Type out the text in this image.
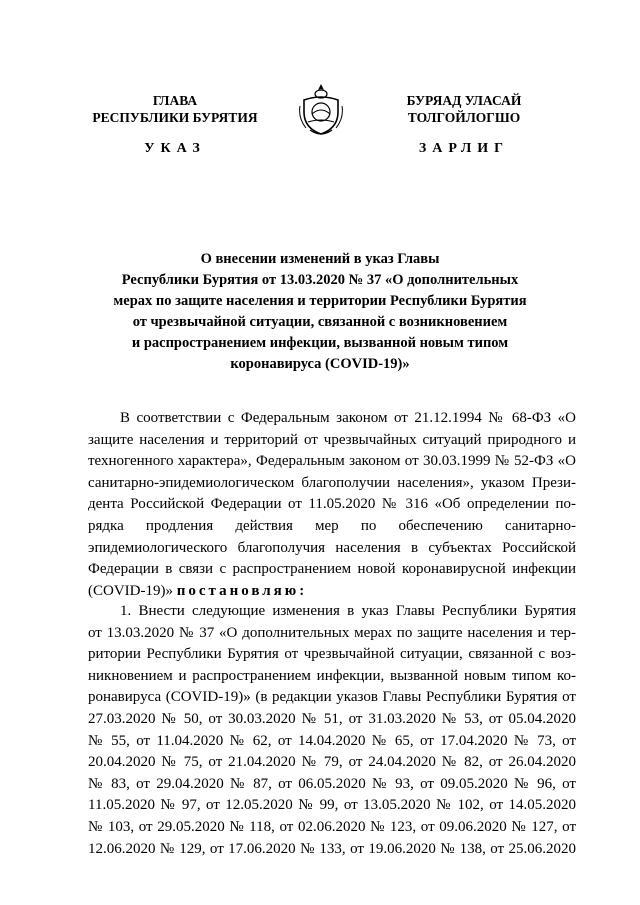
ГЛАВА
РЕСПУБЛИКИ БУРЯТИЯ
БУРЯАД УЛАСАЙ
ТОЛГОЙЛОГШО
УКАЗ	ЗАРЛИГ
О внесении изменений в указ Главы
Республики Бурятия от 13.03.2020 № 37 «О дополнительных
мерах по защите населения и территории Республики Бурятия
от чрезвычайной ситуации, связанной с возникновением
и распространением инфекции, вызванной новым типом
коронавируса (COVID-19)»
В соответствии с Федеральным законом от 21.12.1994 № 68-ФЗ «О
защите населения и территорий от чрезвычайных ситуаций природного и
техногенного характера», Федеральным законом от 30.03.1999 № 52-ФЗ «О
санитарно-эпидемиологическом благополучии населения», указом Прези-
дента Российской Федерации от 11.05.2020 № 316 «Об определении по-
рядка продления действия мер по обеспечению санитарно-
эпидемиологического благополучия населения в субъектах Российской
Федерации в связи с распространением новой коронавирусной инфекции
(COVID-19)» постановляю:
1. Внести следующие изменения в указ Главы Республики Бурятия
от 13.03.2020 № 37 «О дополнительных мерах по защите населения и тер-
ритории Республики Бурятия от чрезвычайной ситуации, связанной с воз-
никновением и распространением инфекции, вызванной новым типом ко-
ронавируса (COVID-19)» (в редакции указов Главы Республики Бурятия от
27.03.2020 № 50, от 30.03.2020 № 51, от 31.03.2020 № 53, от 05.04.2020
№ 55, от 11.04.2020 № 62, от 14.04.2020 № 65, от 17.04.2020 № 73, от
20.04.2020 № 75, от 21.04.2020 № 79, от 24.04.2020 № 82, от 26.04.2020
№ 83, от 29.04.2020 № 87, от 06.05.2020 № 93, от 09.05.2020 № 96, от
11.05.2020 № 97, от 12.05.2020 № 99, от 13.05.2020 № 102, от 14.05.2020
№ 103, от 29.05.2020 № 118, от 02.06.2020 № 123, от 09.06.2020 № 127, от
12.06.2020 № 129, от 17.06.2020 № 133, от 19.06.2020 № 138, от 25.06.2020
